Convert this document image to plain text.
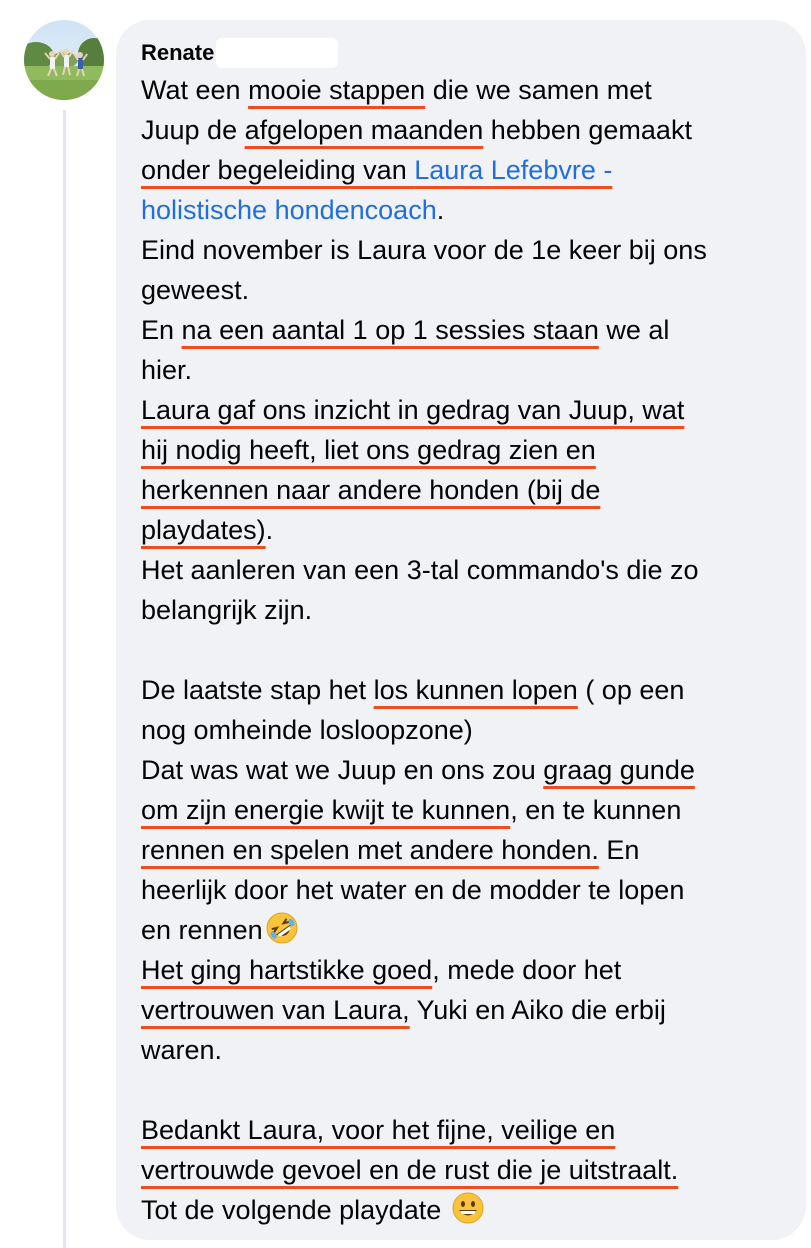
Renate
Wat een mooie stappen die we samen met
Juup de afgelopen maanden hebben gemaakt
onder begeleiding van Laura Lefebvre -
holistische hondencoach.
Eind november is Laura voor de 1e keer bij ons
geweest.
En na een aantal 1 op 1 sessies staan we al
hier.
Laura gaf ons inzicht in gedrag van Juup, wat
hij nodig heeft, liet ons gedrag zien en
herkennen naar andere honden (bij de
playdates).
Het aanleren van een 3-tal commando's die zo
belangrijk zijn.
De laatste stap het los kunnen lopen ( op een
nog omheinde losloopzone)
Dat was wat we Juup en ons zou graag gunde
om zijn energie kwijt te kunnen, en te kunnen
rennen en spelen met andere honden. En
heerlijk door het water en de modder te lopen
en rennen
Het ging hartstikke goed, mede door het
vertrouwen van Laura, Yuki en Aiko die erbij
waren.
Bedankt Laura, voor het fijne, veilige en
vertrouwde gevoel en de rust die je uitstraalt.
Tot de volgende playdate
